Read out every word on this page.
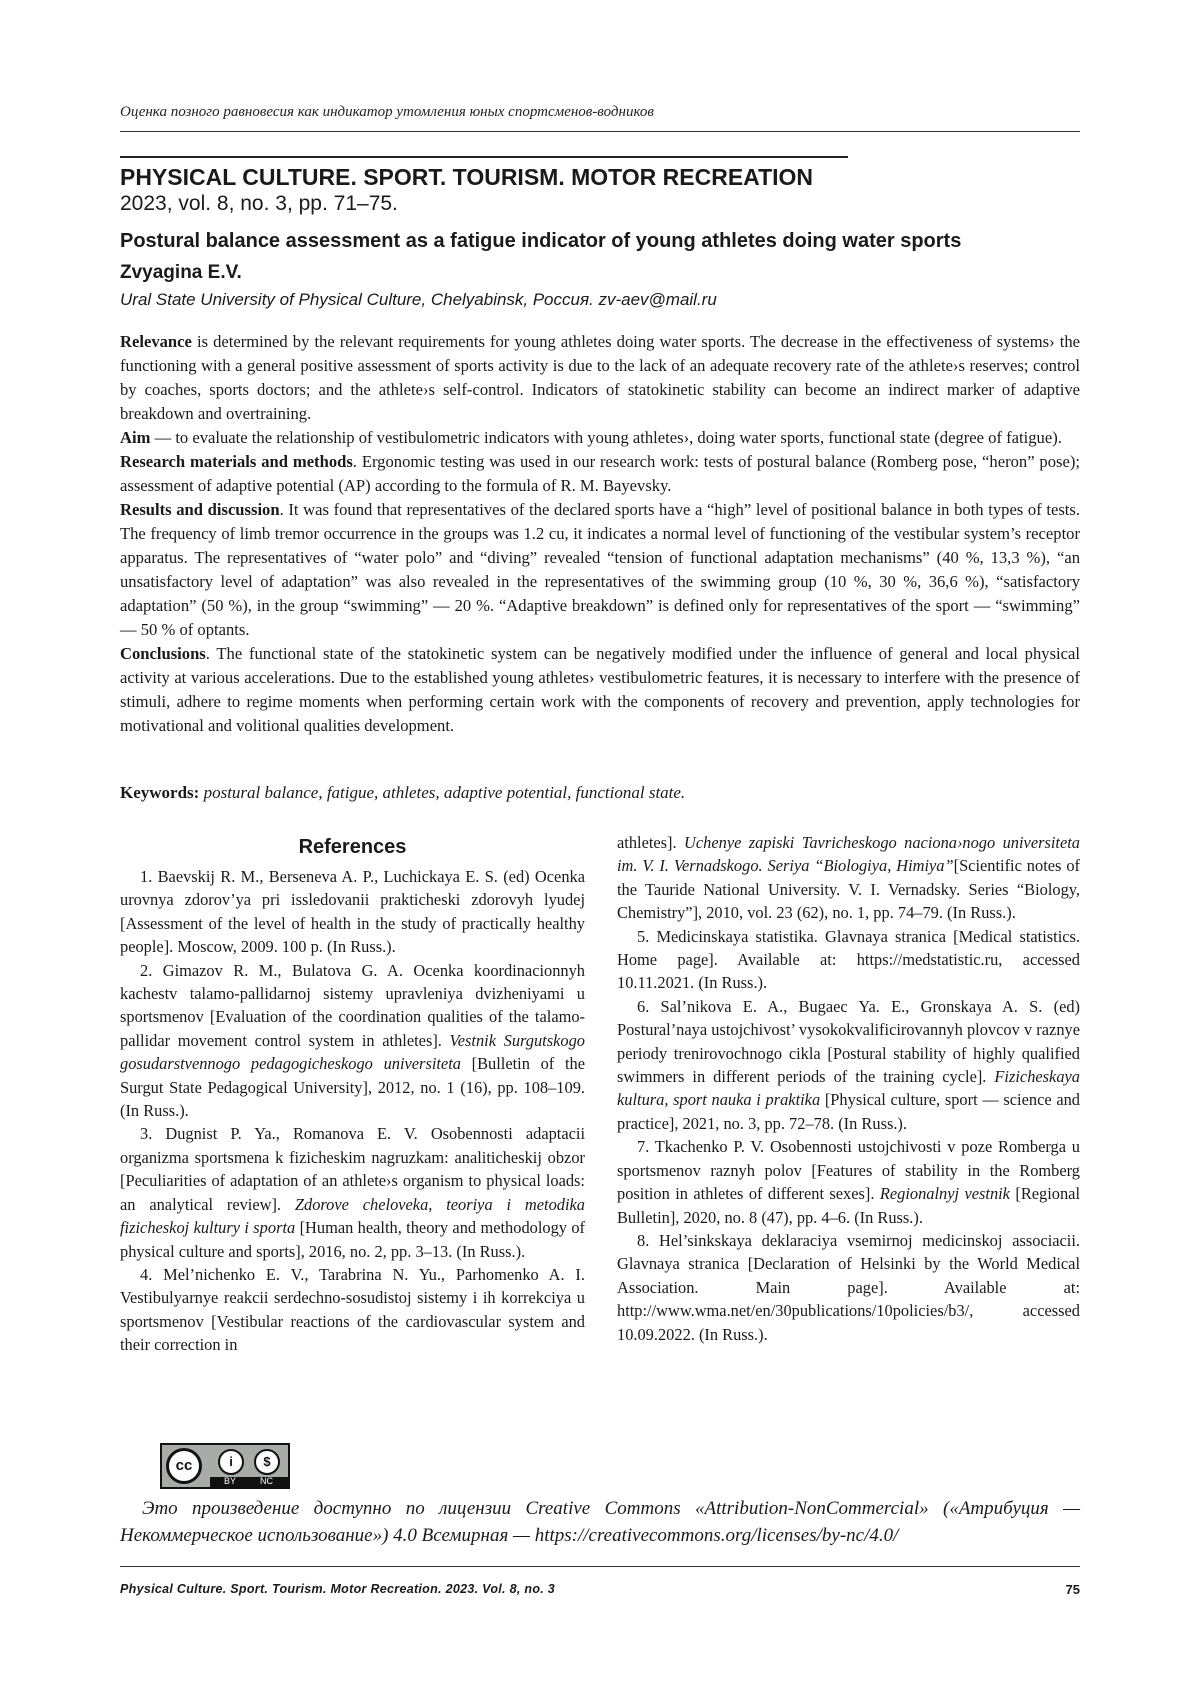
Оценка позного равновесия как индикатор утомления юных спортсменов-водников
PHYSICAL CULTURE. SPORT. TOURISM. MOTOR RECREATION
2023, vol. 8, no. 3, pp. 71–75.
Postural balance assessment as a fatigue indicator of young athletes doing water sports
Zvyagina E.V.
Ural State University of Physical Culture, Chelyabinsk, Россия. zv-aev@mail.ru

Relevance is determined by the relevant requirements for young athletes doing water sports. The decrease in the effectiveness of systems› the functioning with a general positive assessment of sports activity is due to the lack of an adequate recovery rate of the athlete›s reserves; control by coaches, sports doctors; and the athlete›s self-control. Indicators of statokinetic stability can become an indirect marker of adaptive breakdown and overtraining.

Aim — to evaluate the relationship of vestibulometric indicators with young athletes›, doing water sports, functional state (degree of fatigue).

Research materials and methods. Ergonomic testing was used in our research work: tests of postural balance (Romberg pose, “heron” pose); assessment of adaptive potential (AP) according to the formula of R. M. Bayevsky.

Results and discussion. It was found that representatives of the declared sports have a “high” level of positional balance in both types of tests. The frequency of limb tremor occurrence in the groups was 1.2 cu, it indicates a normal level of functioning of the vestibular system’s receptor apparatus. The representatives of “water polo” and “diving” revealed “tension of functional adaptation mechanisms” (40 %, 13,3 %), “an unsatisfactory level of adaptation” was also revealed in the representatives of the swimming group (10 %, 30 %, 36,6 %), “satisfactory adaptation” (50 %), in the group “swimming” — 20 %. “Adaptive breakdown” is defined only for representatives of the sport — “swimming” — 50 % of optants.

Conclusions. The functional state of the statokinetic system can be negatively modified under the influence of general and local physical activity at various accelerations. Due to the established young athletes› vestibulometric features, it is necessary to interfere with the presence of stimuli, adhere to regime moments when performing certain work with the components of recovery and prevention, apply technologies for motivational and volitional qualities development.

Keywords: postural balance, fatigue, athletes, adaptive potential, functional state.
References

1. Baevskij R. M., Berseneva A. P., Luchickaya E. S. (ed) Ocenka urovnya zdorov’ya pri issledovanii prakticheski zdorovyh lyudej [Assessment of the level of health in the study of practically healthy people]. Moscow, 2009. 100 p. (In Russ.).

2. Gimazov R. M., Bulatova G. A. Ocenka koordinacionnyh kachestv talamo-pallidarnoj sistemy upravleniya dvizheniyami u sportsmenov [Evaluation of the coordination qualities of the talamo-pallidar movement control system in athletes]. Vestnik Surgutskogo gosudarstvennogo pedagogicheskogo universiteta [Bulletin of the Surgut State Pedagogical University], 2012, no. 1 (16), pp. 108–109. (In Russ.).

3. Dugnist P. Ya., Romanova E. V. Osobennosti adaptacii organizma sportsmena k fizicheskim nagruzkam: analiticheskij obzor [Peculiarities of adaptation of an athlete›s organism to physical loads: an analytical review]. Zdorove cheloveka, teoriya i metodika fizicheskoj kultury i sporta [Human health, theory and methodology of physical culture and sports], 2016, no. 2, pp. 3–13. (In Russ.).

4. Mel’nichenko E. V., Tarabrina N. Yu., Parhomenko A. I. Vestibulyarnye reakcii serdechno-sosudistoj sistemy i ih korrekciya u sportsmenov [Vestibular reactions of the cardiovascular system and their correction in

athletes]. Uchenye zapiski Tavricheskogo naciona›nogo universiteta im. V. I. Vernadskogo. Seriya “Biologiya, Himiya”[Scientific notes of the Tauride National University. V. I. Vernadsky. Series “Biology, Chemistry”], 2010, vol. 23 (62), no. 1, pp. 74–79. (In Russ.).

5. Medicinskaya statistika. Glavnaya stranica [Medical statistics. Home page]. Available at: https://medstatistic.ru, accessed 10.11.2021. (In Russ.).

6. Sal’nikova E. A., Bugaec Ya. E., Gronskaya A. S. (ed) Postural’naya ustojchivost’ vysokokvalificirovannyh plovcov v raznye periody trenirovochnogo cikla [Postural stability of highly qualified swimmers in different periods of the training cycle]. Fizicheskaya kultura, sport nauka i praktika [Physical culture, sport — science and practice], 2021, no. 3, pp. 72–78. (In Russ.).

7. Tkachenko P. V. Osobennosti ustojchivosti v poze Romberga u sportsmenov raznyh polov [Features of stability in the Romberg position in athletes of different sexes]. Regionalnyj vestnik [Regional Bulletin], 2020, no. 8 (47), pp. 4–6. (In Russ.).

8. Hel’sinkskaya deklaraciya vsemirnoj medicinskoj associacii. Glavnaya stranica [Declaration of Helsinki by the World Medical Association. Main page]. Available at: http://www.wma.net/en/30publications/10policies/b3/, accessed 10.09.2022. (In Russ.).

cc	i	$
BY	NC
Это произведение доступно по лицензии Creative Commons «Attribution-NonCommercial» («Атрибуция — Некоммерческое использование») 4.0 Всемирная — https://creativecommons.org/licenses/by-nc/4.0/
Physical Culture. Sport. Tourism. Motor Recreation. 2023. Vol. 8, no. 3	75
